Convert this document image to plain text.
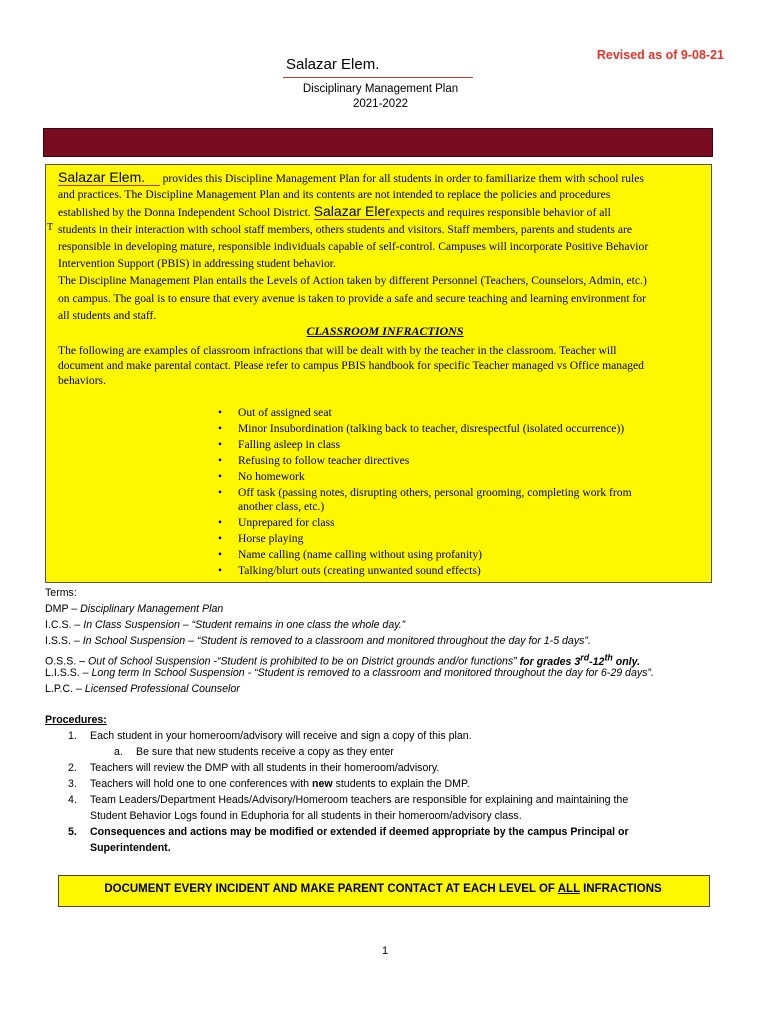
Revised as of 9-08-21
Salazar Elem.
Disciplinary Management Plan
2021-2022
T
Salazar Elem. provides this Discipline Management Plan for all students in order to familiarize them with school rules
and practices. The Discipline Management Plan and its contents are not intended to replace the policies and procedures
established by the Donna Independent School District. Salazar Elerexpects and requires responsible behavior of all
students in their interaction with school staff members, others students and visitors. Staff members, parents and students are
responsible in developing mature, responsible individuals capable of self-control. Campuses will incorporate Positive Behavior
Intervention Support (PBIS) in addressing student behavior.
The Discipline Management Plan entails the Levels of Action taken by different Personnel (Teachers, Counselors, Admin, etc.)
on campus. The goal is to ensure that every avenue is taken to provide a safe and secure teaching and learning environment for
all students and staff.
CLASSROOM INFRACTIONS
The following are examples of classroom infractions that will be dealt with by the teacher in the classroom. Teacher will
document and make parental contact. Please refer to campus PBIS handbook for specific Teacher managed vs Office managed
behaviors.
• Out of assigned seat
• Minor Insubordination (talking back to teacher, disrespectful (isolated occurrence))
• Falling asleep in class
• Refusing to follow teacher directives
• No homework
• Off task (passing notes, disrupting others, personal grooming, completing work from
another class, etc.)
• Unprepared for class
• Horse playing
• Name calling (name calling without using profanity)
• Talking/blurt outs (creating unwanted sound effects)
Terms:
DMP – Disciplinary Management Plan
I.C.S. – In Class Suspension – “Student remains in one class the whole day.”
I.S.S. – In School Suspension – “Student is removed to a classroom and monitored throughout the day for 1-5 days”.
O.S.S. – Out of School Suspension -“Student is prohibited to be on District grounds and/or functions” for grades 3rd-12th only.
L.I.S.S. – Long term In School Suspension - “Student is removed to a classroom and monitored throughout the day for 6-29 days”.
L.P.C. – Licensed Professional Counselor
Procedures:
1. Each student in your homeroom/advisory will receive and sign a copy of this plan.
a. Be sure that new students receive a copy as they enter
2. Teachers will review the DMP with all students in their homeroom/advisory.
3. Teachers will hold one to one conferences with new students to explain the DMP.
4. Team Leaders/Department Heads/Advisory/Homeroom teachers are responsible for explaining and maintaining the
Student Behavior Logs found in Eduphoria for all students in their homeroom/advisory class.
5. Consequences and actions may be modified or extended if deemed appropriate by the campus Principal or
Superintendent.
DOCUMENT EVERY INCIDENT AND MAKE PARENT CONTACT AT EACH LEVEL OF ALL INFRACTIONS
1
